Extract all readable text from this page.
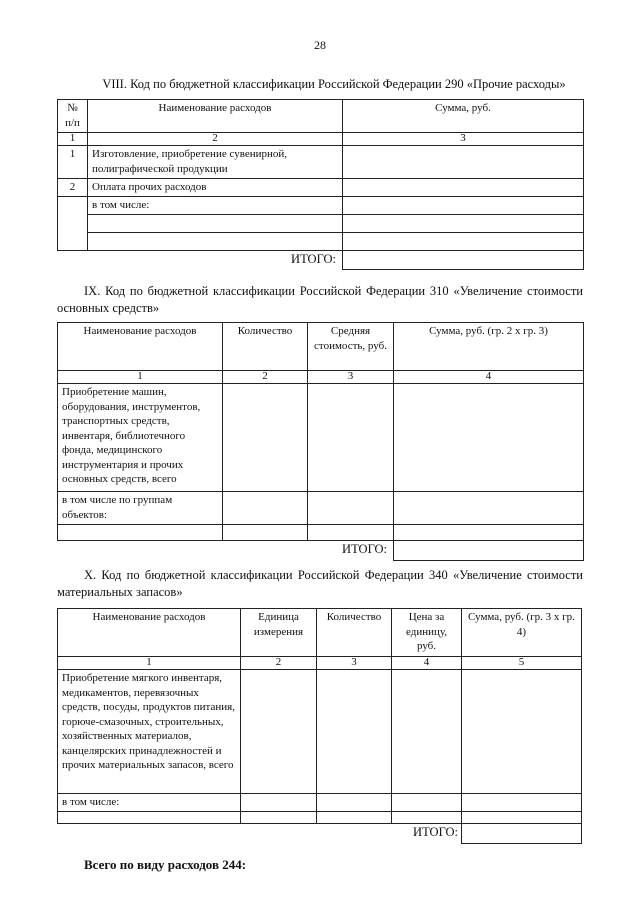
28
VIII. Код по бюджетной классификации Российской Федерации 290 «Прочие расходы»
№ п/п	Наименование расходов	Сумма, руб.
1	2	3
1	Изготовление, приобретение сувенирной, полиграфической продукции	
2	Оплата прочих расходов	
	в том числе:	

	ИТОГО:	
IX. Код по бюджетной классификации Российской Федерации 310 «Увеличение стоимости основных средств»
Наименование расходов	Количество	Средняя стоимость, руб.	Сумма, руб. (гр. 2 х гр. 3)
1	2	3	4
Приобретение машин, оборудования, инструментов, транспортных средств, инвентаря, библиотечного фонда, медицинского инструментария и прочих основных средств, всего			
в том числе по группам объектов:			

		ИТОГО:	
X. Код по бюджетной классификации Российской Федерации 340 «Увеличение стоимости материальных запасов»
Наименование расходов	Единица измерения	Количество	Цена за единицу, руб.	Сумма, руб. (гр. 3 х гр. 4)
1	2	3	4	5
Приобретение мягкого инвентаря, медикаментов, перевязочных средств, посуды, продуктов питания, горюче-смазочных, строительных, хозяйственных материалов, канцелярских принадлежностей и прочих материальных запасов, всего				
в том числе:				

			ИТОГО:	
Всего по виду расходов 244:
